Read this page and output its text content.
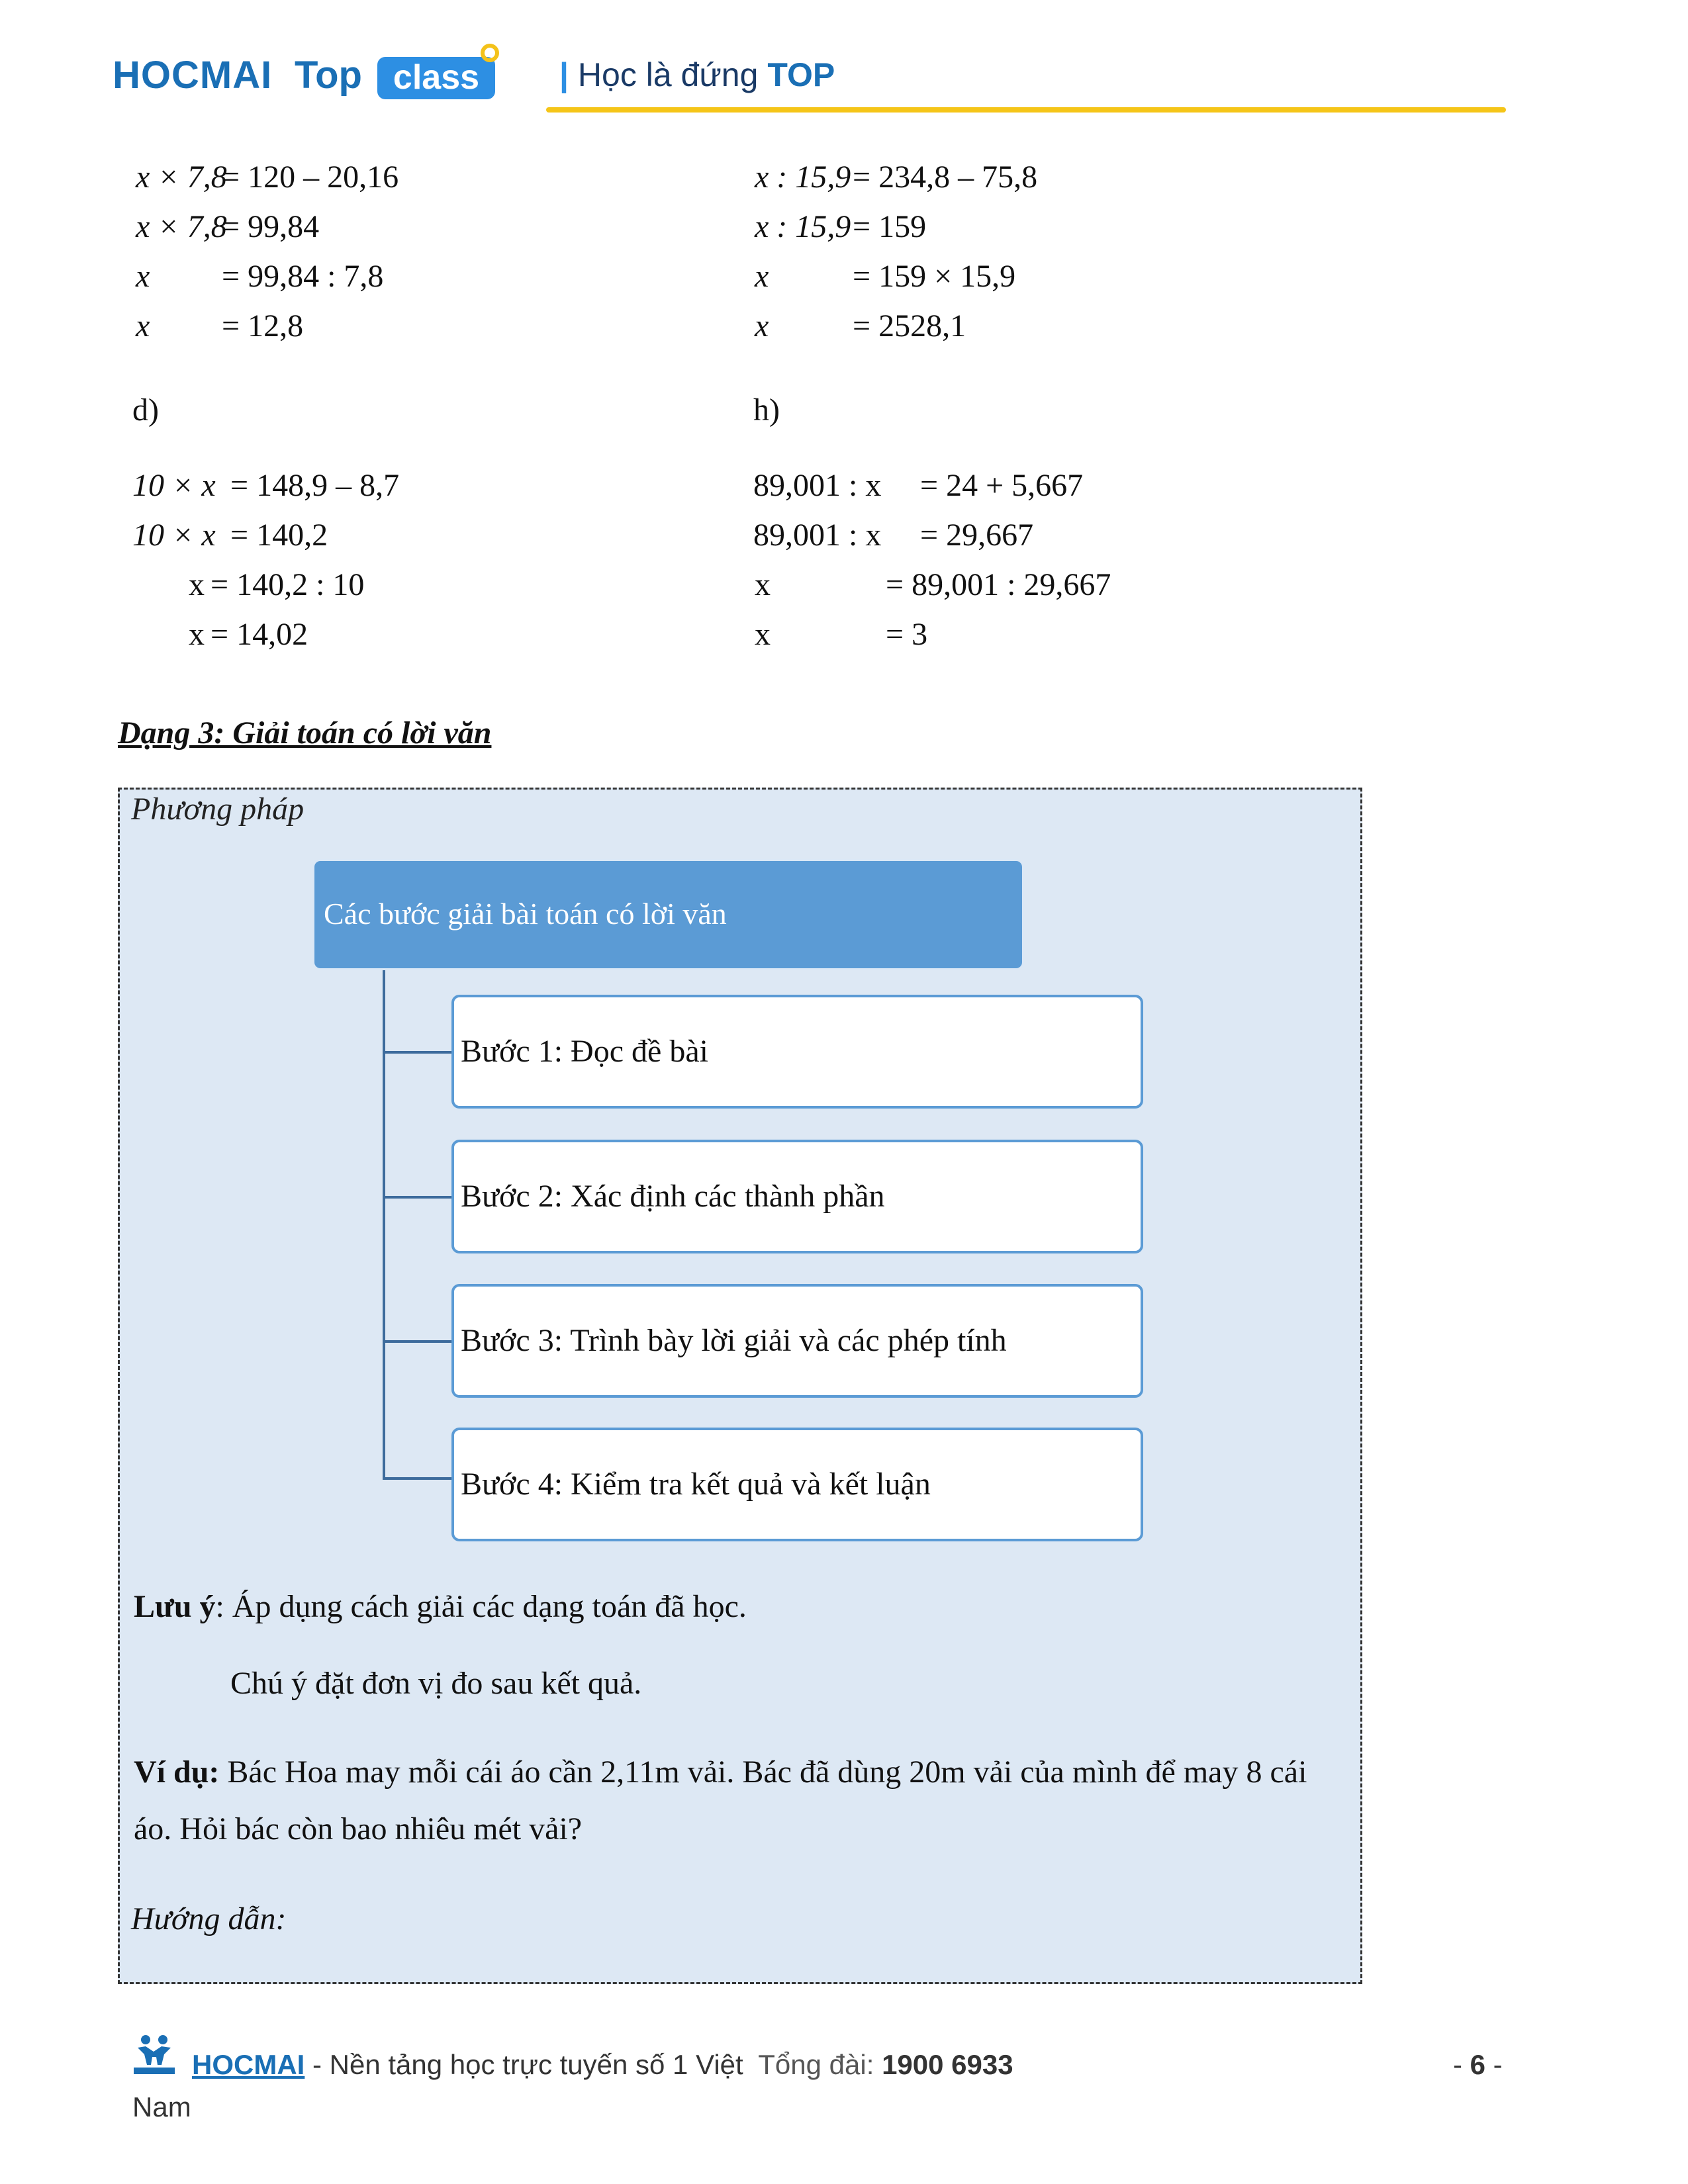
HOCMAI Top class	| Học là đứng TOP
x × 7,8
= 120 – 20,16
x × 7,8
= 99,84
x = 99,84 : 7,8
x = 12,8
x : 15,9 = 234,8 – 75,8
x : 15,9 = 159
x	= 159 × 15,9
x	= 2528,1
d)	h)
10 × x = 148,9 – 8,7
10 × x = 140,2
x = 140,2 : 10
x = 14,02
89,001 : x = 24 + 5,667
89,001 : x = 29,667
x	= 89,001 : 29,667
x	= 3
Dạng 3: Giải toán có lời văn
Phương pháp
Các bước giải bài toán có lời văn
Bước 1: Đọc đề bài
Bước 2: Xác định các thành phần
Bước 3: Trình bày lời giải và các phép tính
Bước 4: Kiểm tra kết quả và kết luận
Lưu ý: Áp dụng cách giải các dạng toán đã học.
Chú ý đặt đơn vị đo sau kết quả.
Ví dụ: Bác Hoa may mỗi cái áo cần 2,11m vải. Bác đã dùng 20m vải của mình để may 8 cái
áo. Hỏi bác còn bao nhiêu mét vải?
Hướng dẫn:
HOCMAI - Nền tảng học trực tuyến số 1 Việt  Tổng đài: 1900 6933
Nam
- 6 -
